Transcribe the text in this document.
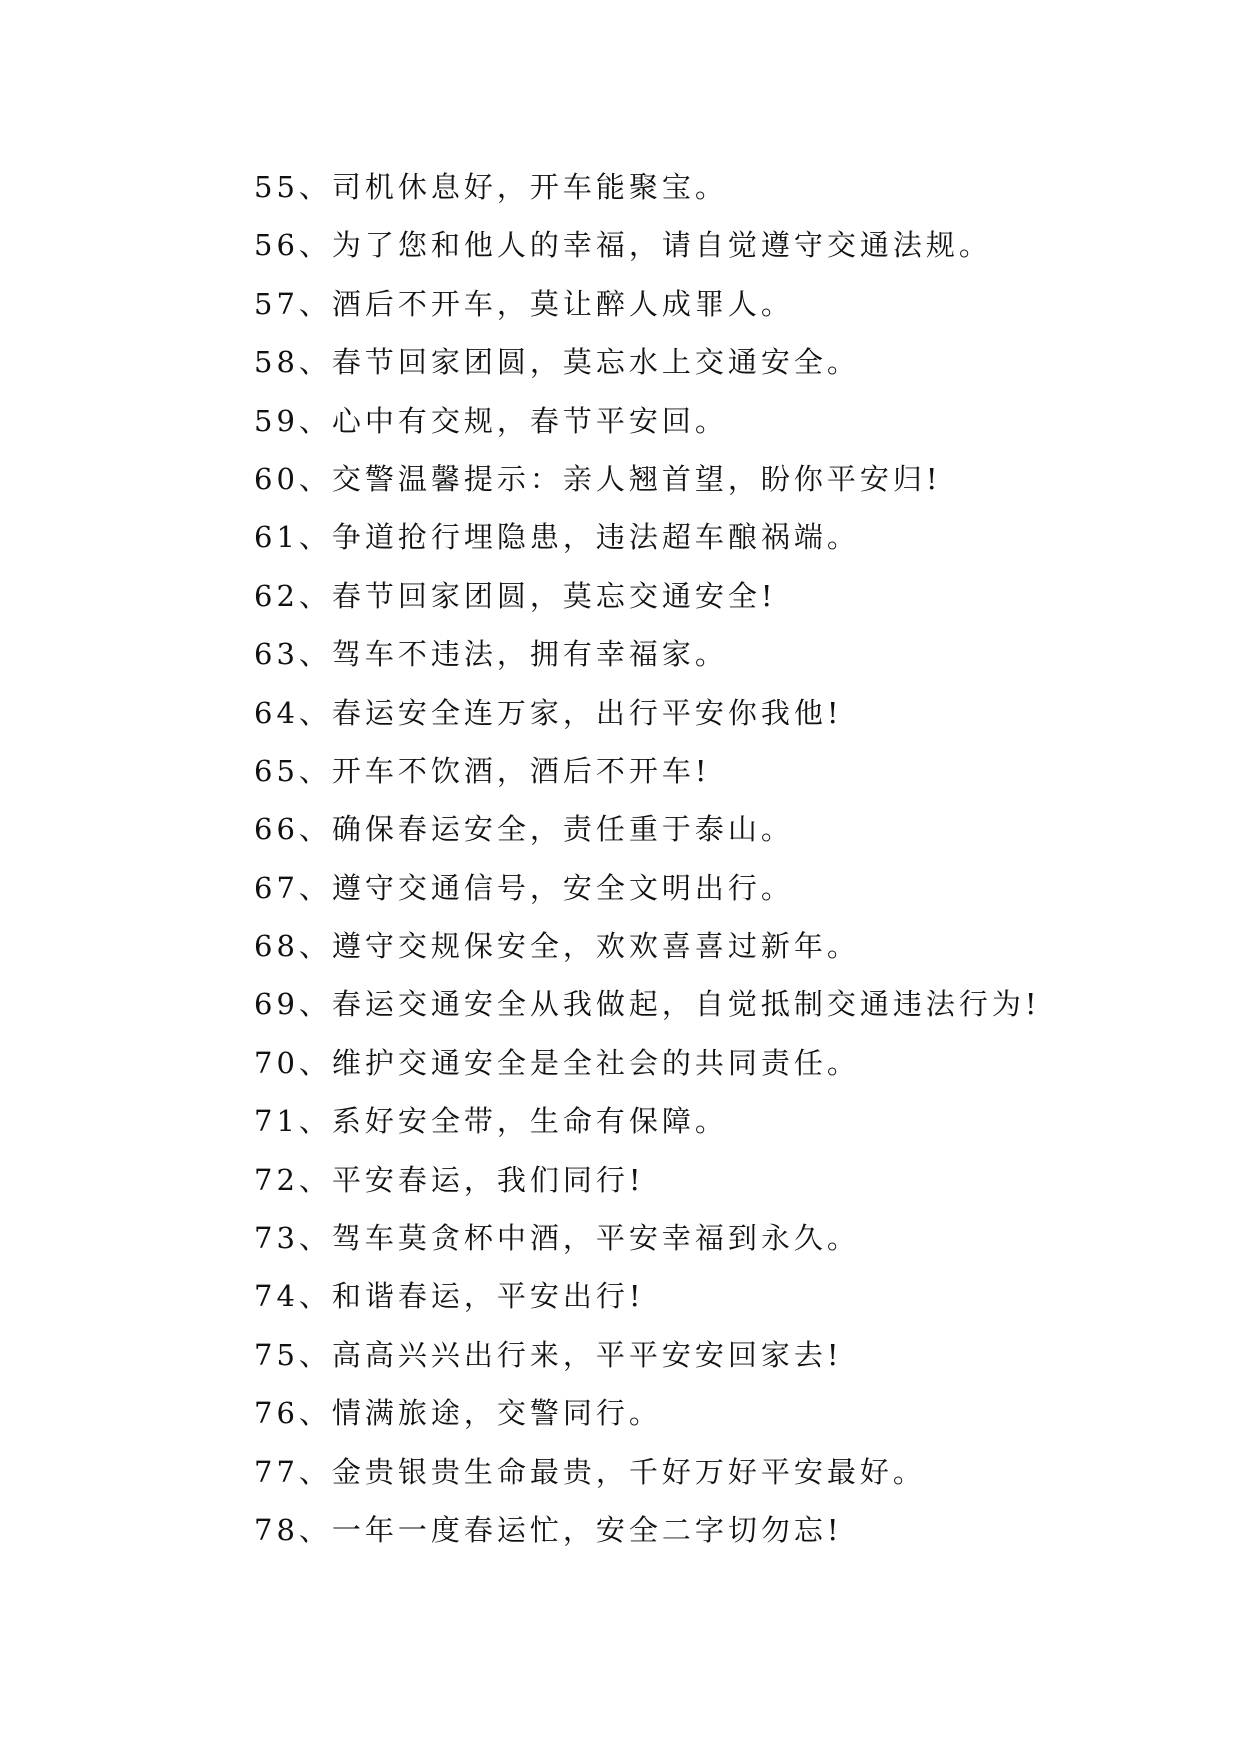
55、司机休息好，开车能聚宝。
56、为了您和他人的幸福，请自觉遵守交通法规。
57、酒后不开车，莫让醉人成罪人。
58、春节回家团圆，莫忘水上交通安全。
59、心中有交规，春节平安回。
60、交警温馨提示：亲人翘首望，盼你平安归!
61、争道抢行埋隐患，违法超车酿祸端。
62、春节回家团圆，莫忘交通安全!
63、驾车不违法，拥有幸福家。
64、春运安全连万家，出行平安你我他!
65、开车不饮酒，酒后不开车!
66、确保春运安全，责任重于泰山。
67、遵守交通信号，安全文明出行。
68、遵守交规保安全，欢欢喜喜过新年。
69、春运交通安全从我做起，自觉抵制交通违法行为!
70、维护交通安全是全社会的共同责任。
71、系好安全带，生命有保障。
72、平安春运，我们同行!
73、驾车莫贪杯中酒，平安幸福到永久。
74、和谐春运，平安出行!
75、高高兴兴出行来，平平安安回家去!
76、情满旅途，交警同行。
77、金贵银贵生命最贵，千好万好平安最好。
78、一年一度春运忙，安全二字切勿忘!
